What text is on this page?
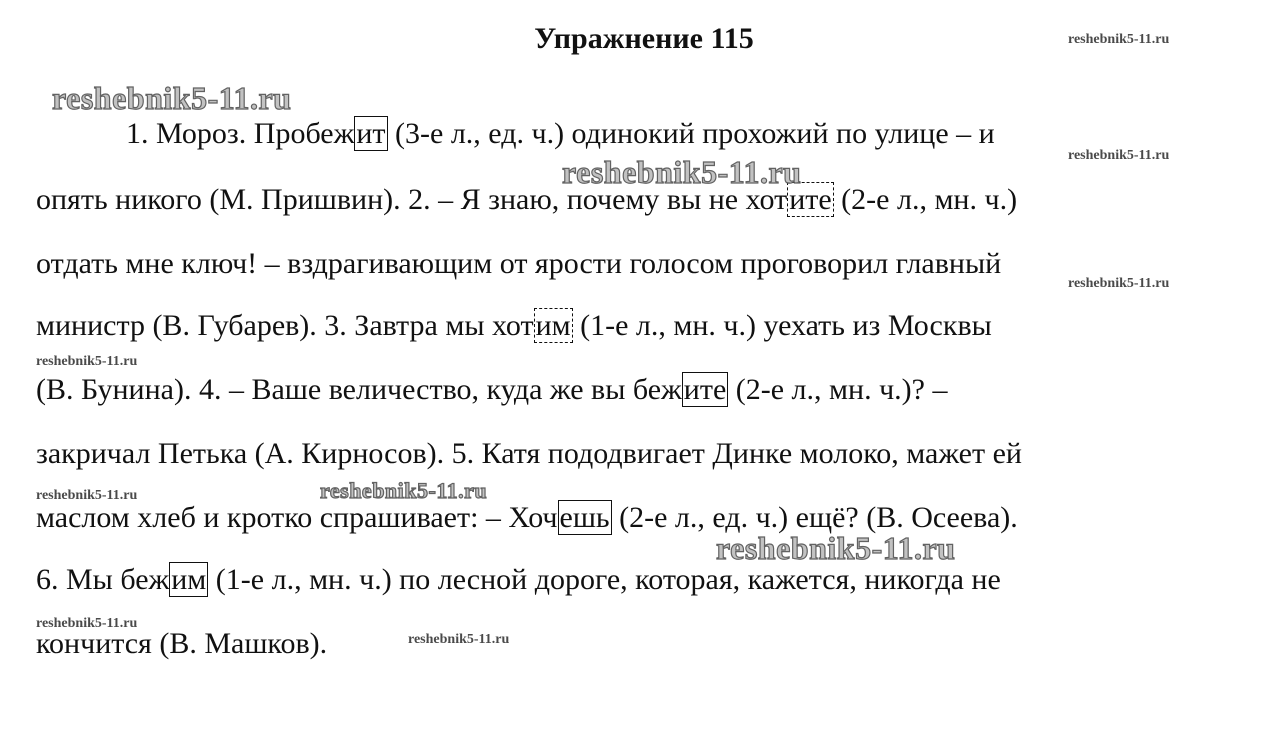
Упражнение 115	reshebnik5-11.ru
reshebnik5-11.ru
reshebnik5-11.ru
reshebnik5-11.ru
reshebnik5-11.ru
reshebnik5-11.ru
reshebnik5-11.ru
1. Мороз. Пробежит (3-е л., ед. ч.) одинокий прохожий по улице – и
опять никого (М. Пришвин). 2. – Я знаю, почему вы не хотите (2-е л., мн. ч.)
отдать мне ключ! – вздрагивающим от ярости голосом проговорил главный
министр (В. Губарев). 3. Завтра мы хотим (1-е л., мн. ч.) уехать из Москвы
(В. Бунина). 4. – Ваше величество, куда же вы бежите (2-е л., мн. ч.)? –
закричал Петька (А. Кирносов). 5. Катя пододвигает Динке молоко, мажет ей
маслом хлеб и кротко спрашивает: – Хочешь (2-е л., ед. ч.) ещё? (В. Осеева).
6. Мы бежим (1-е л., мн. ч.) по лесной дороге, которая, кажется, никогда не
кончится (В. Машков).
reshebnik5-11.ru
reshebnik5-11.ru
reshebnik5-11.ru
reshebnik5-11.ru
